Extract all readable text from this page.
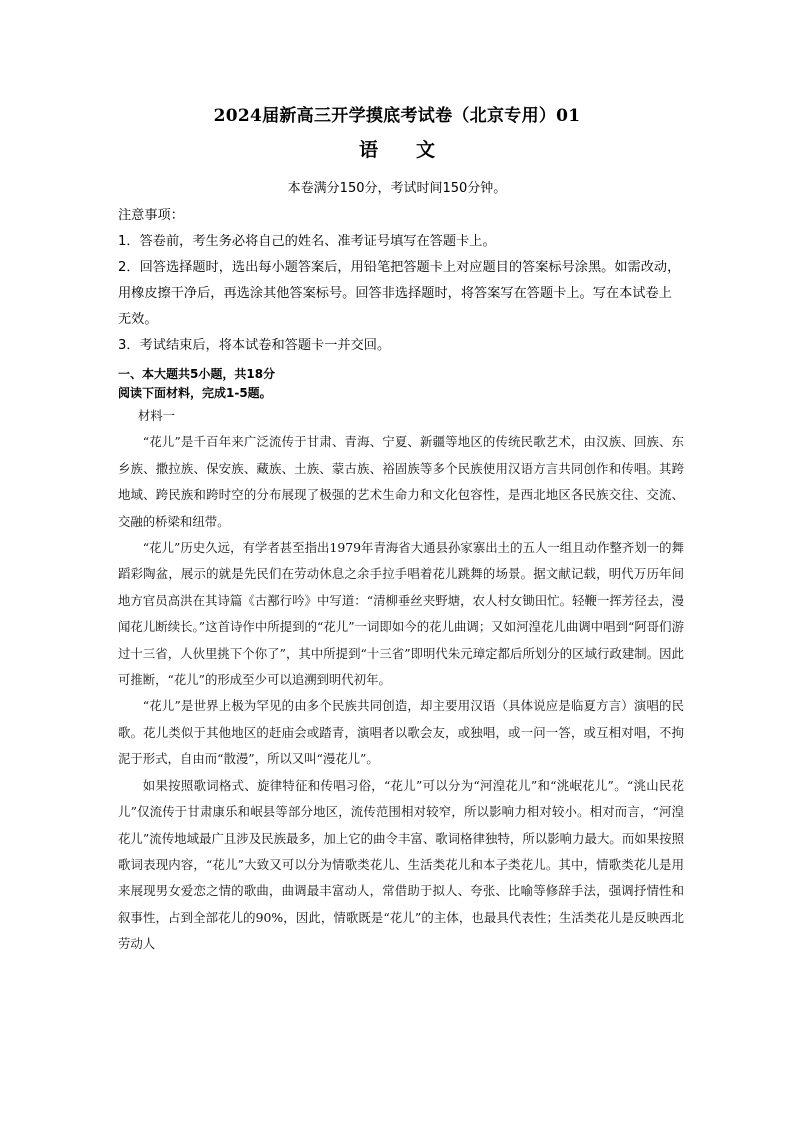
2024届新高三开学摸底考试卷（北京专用）01
语　　文
本卷满分150分，考试时间150分钟。

注意事项：

1．答卷前，考生务必将自己的姓名、准考证号填写在答题卡上。

2．回答选择题时，选出每小题答案后，用铅笔把答题卡上对应题目的答案标号涂黑。如需改动，用橡皮擦干净后，再选涂其他答案标号。回答非选择题时，将答案写在答题卡上。写在本试卷上无效。

3．考试结束后，将本试卷和答题卡一并交回。

一、本大题共5小题，共18分

阅读下面材料，完成1-5题。

材料一

“花儿”是千百年来广泛流传于甘肃、青海、宁夏、新疆等地区的传统民歌艺术，由汉族、回族、东乡族、撒拉族、保安族、藏族、土族、蒙古族、裕固族等多个民族使用汉语方言共同创作和传唱。其跨地域、跨民族和跨时空的分布展现了极强的艺术生命力和文化包容性，是西北地区各民族交往、交流、交融的桥梁和纽带。

“花儿”历史久远，有学者甚至指出1979年青海省大通县孙家寨出土的五人一组且动作整齐划一的舞蹈彩陶盆，展示的就是先民们在劳动休息之余手拉手唱着花儿跳舞的场景。据文献记载，明代万历年间地方官员高洪在其诗篇《古鄯行吟》中写道：“清柳垂丝夹野塘，农人村女锄田忙。轻鞭一挥芳径去，漫闻花儿断续长。”这首诗作中所提到的“花儿”一词即如今的花儿曲调；又如河湟花儿曲调中唱到“阿哥们游过十三省，人伙里挑下个你了”，其中所提到“十三省”即明代朱元璋定都后所划分的区域行政建制。因此可推断，“花儿”的形成至少可以追溯到明代初年。

“花儿”是世界上极为罕见的由多个民族共同创造，却主要用汉语（具体说应是临夏方言）演唱的民歌。花儿类似于其他地区的赶庙会或踏青，演唱者以歌会友，或独唱，或一问一答，或互相对唱，不拘泥于形式，自由而“散漫”，所以又叫“漫花儿”。

如果按照歌词格式、旋律特征和传唱习俗，“花儿”可以分为“河湟花儿”和“洮岷花儿”。“洮山民花儿”仅流传于甘肃康乐和岷县等部分地区，流传范围相对较窄，所以影响力相对较小。相对而言，“河湟花儿”流传地域最广且涉及民族最多，加上它的曲令丰富、歌词格律独特，所以影响力最大。而如果按照歌词表现内容，“花儿”大致又可以分为情歌类花儿、生活类花儿和本子类花儿。其中，情歌类花儿是用来展现男女爱恋之情的歌曲，曲调最丰富动人，常借助于拟人、夸张、比喻等修辞手法，强调抒情性和叙事性，占到全部花儿的90%，因此，情歌既是“花儿”的主体，也最具代表性；生活类花儿是反映西北劳动人
